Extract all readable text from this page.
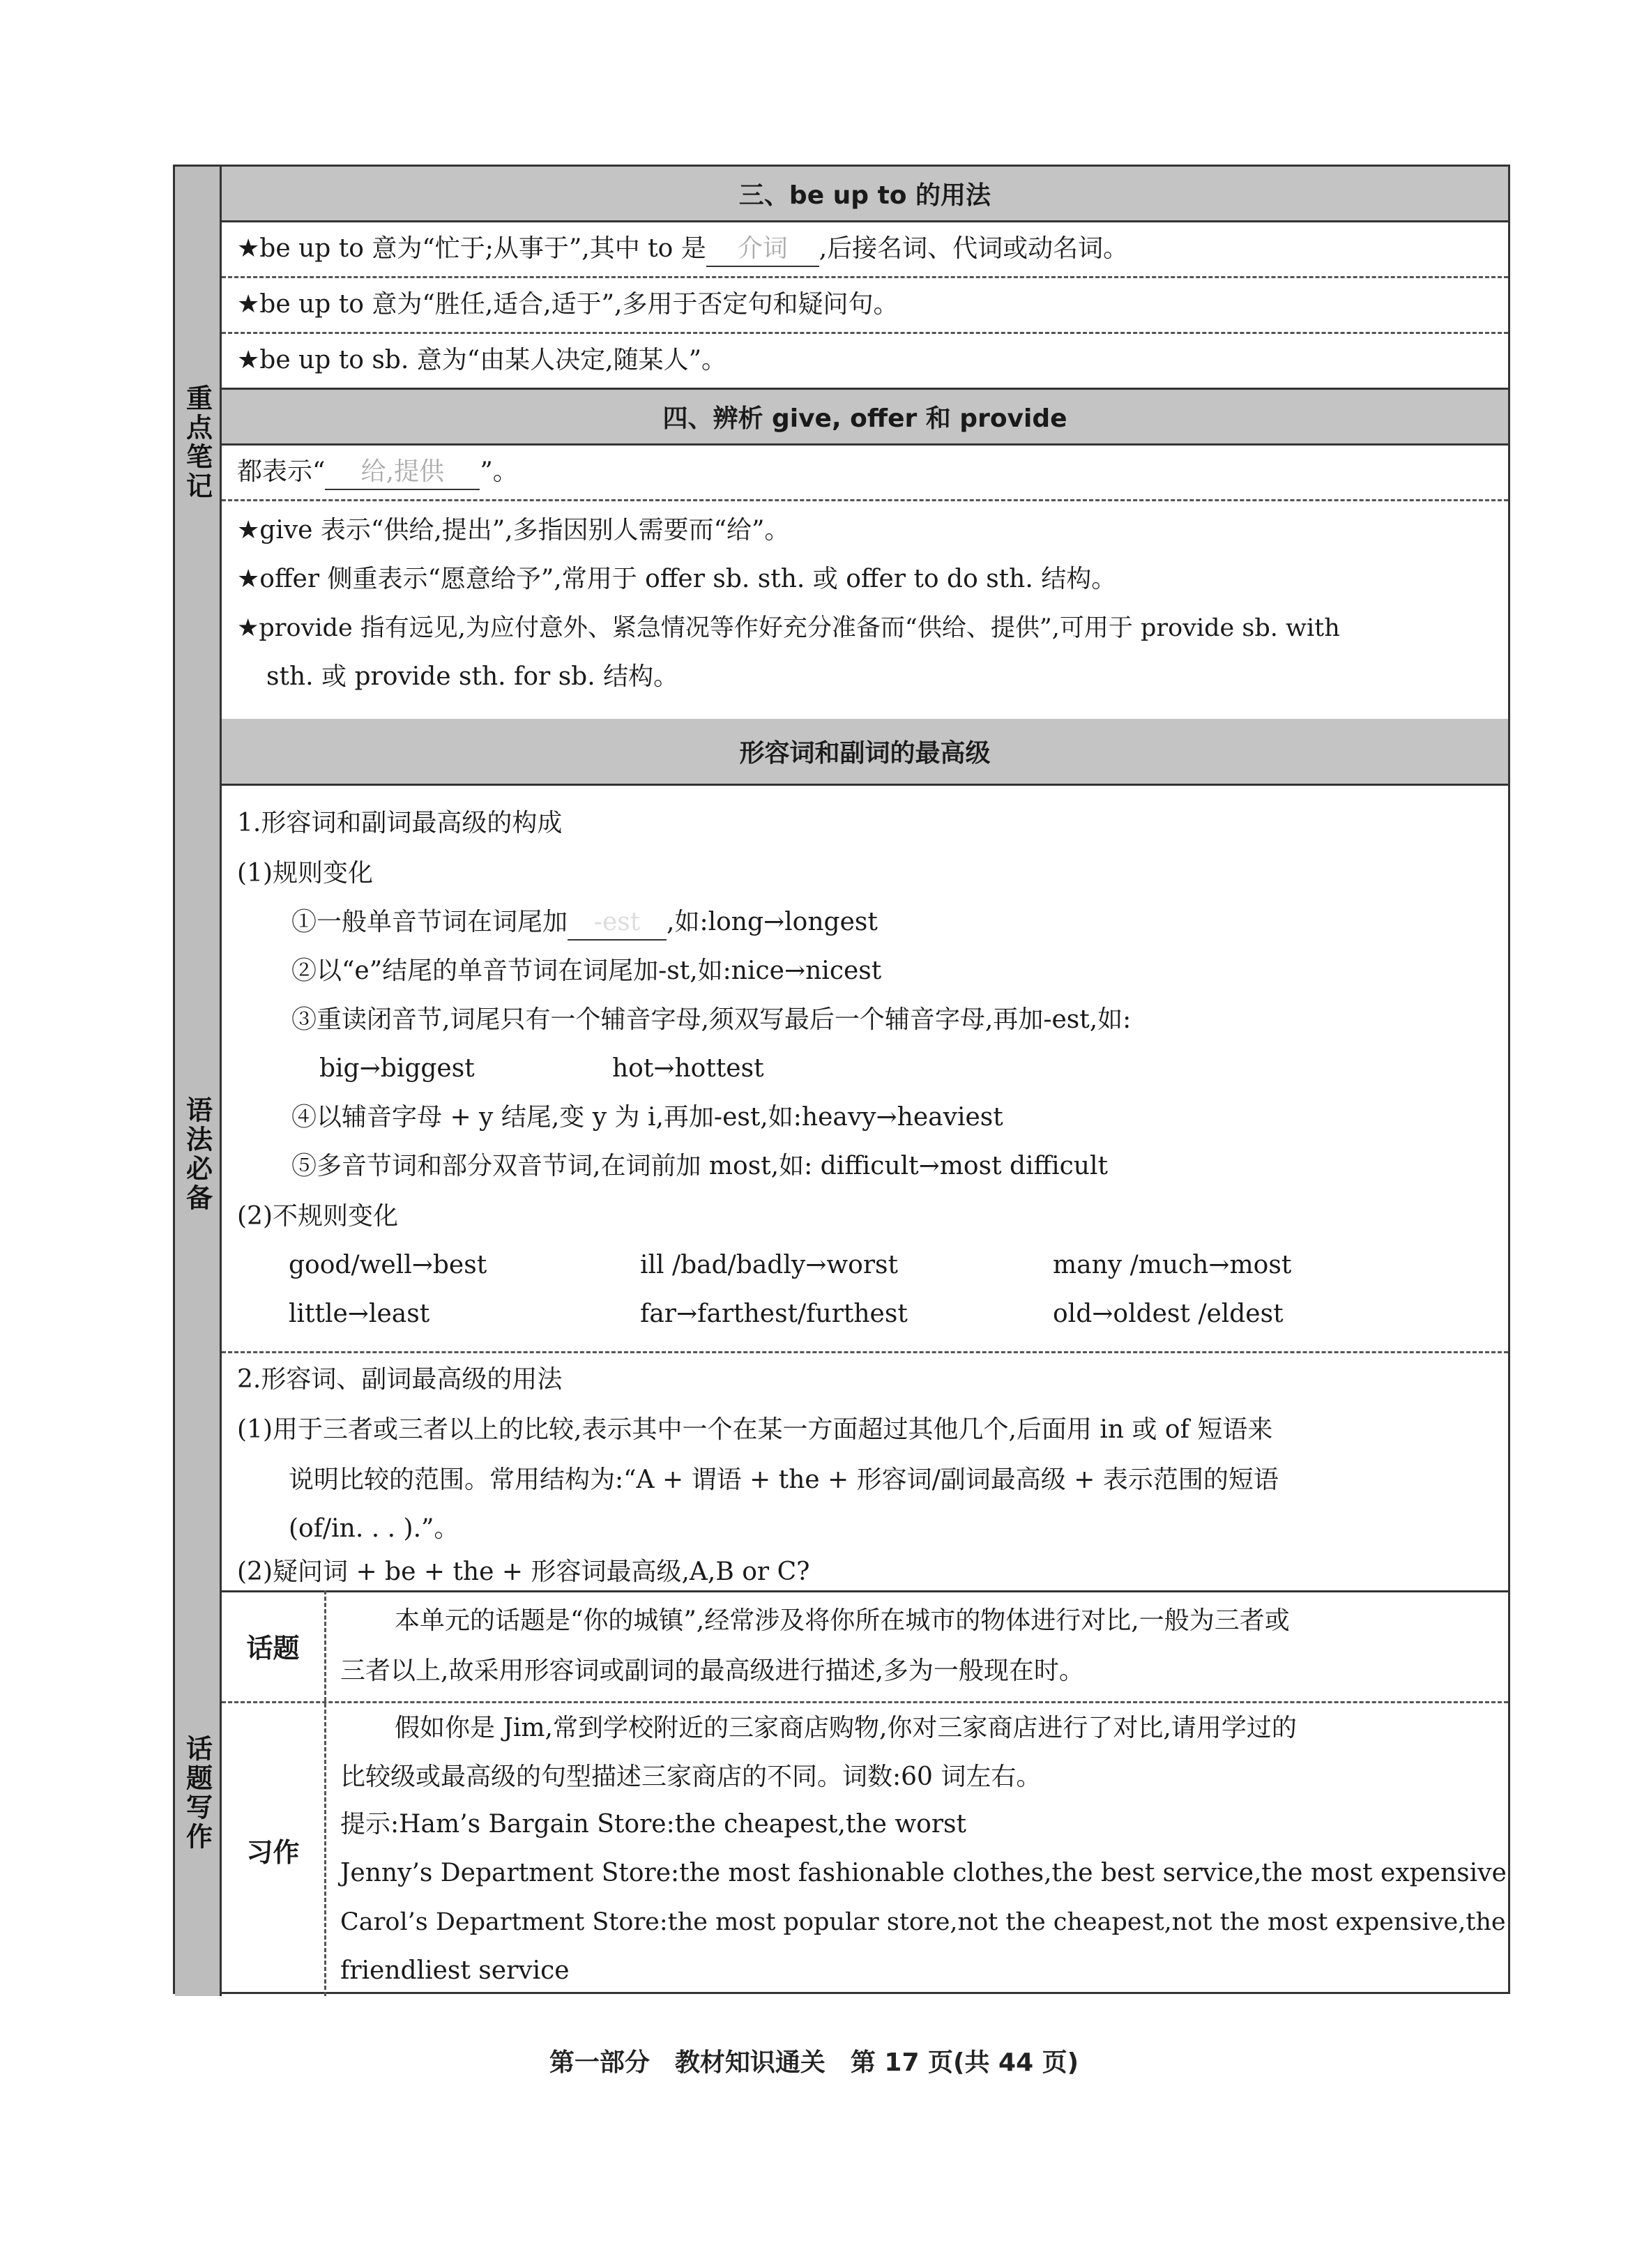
重点笔记
三、be up to 的用法
★be up to 意为“忙于;从事于”,其中 to 是 介词 ,后接名词、代词或动名词。
★be up to 意为“胜任,适合,适于”,多用于否定句和疑问句。
★be up to sb. 意为“由某人决定,随某人”。
四、辨析 give, offer 和 provide
都表示“ 给,提供 ”。
★give 表示“供给,提出”,多指因别人需要而“给”。
★offer 侧重表示“愿意给予”,常用于 offer sb. sth. 或 offer to do sth. 结构。
★provide 指有远见,为应付意外、紧急情况等作好充分准备而“供给、提供”,可用于 provide sb. with
sth. 或 provide sth. for sb. 结构。
语法必备
形容词和副词的最高级
1.形容词和副词最高级的构成
(1)规则变化
①一般单音节词在词尾加 -est ,如:long→longest
②以“e”结尾的单音节词在词尾加-st,如:nice→nicest
③重读闭音节,词尾只有一个辅音字母,须双写最后一个辅音字母,再加-est,如:
big→biggest	hot→hottest
④以辅音字母 + y 结尾,变 y 为 i,再加-est,如:heavy→heaviest
⑤多音节词和部分双音节词,在词前加 most,如: difficult→most difficult
(2)不规则变化
good/well→best	ill /bad/badly→worst	many /much→most
little→least	far→farthest/furthest	old→oldest /eldest
2.形容词、副词最高级的用法
(1)用于三者或三者以上的比较,表示其中一个在某一方面超过其他几个,后面用 in 或 of 短语来
说明比较的范围。常用结构为:“A + 谓语 + the + 形容词/副词最高级 + 表示范围的短语
(of/in. . . ).”。
(2)疑问词 + be + the + 形容词最高级,A,B or C?
话题写作
话题
本单元的话题是“你的城镇”,经常涉及将你所在城市的物体进行对比,一般为三者或
三者以上,故采用形容词或副词的最高级进行描述,多为一般现在时。
习作
假如你是 Jim,常到学校附近的三家商店购物,你对三家商店进行了对比,请用学过的
比较级或最高级的句型描述三家商店的不同。词数:60 词左右。
提示:Ham’s Bargain Store:the cheapest,the worst
Jenny’s Department Store:the most fashionable clothes,the best service,the most expensive
Carol’s Department Store:the most popular store,not the cheapest,not the most expensive,the
friendliest service
第一部分　教材知识通关　第 17 页(共 44 页)
